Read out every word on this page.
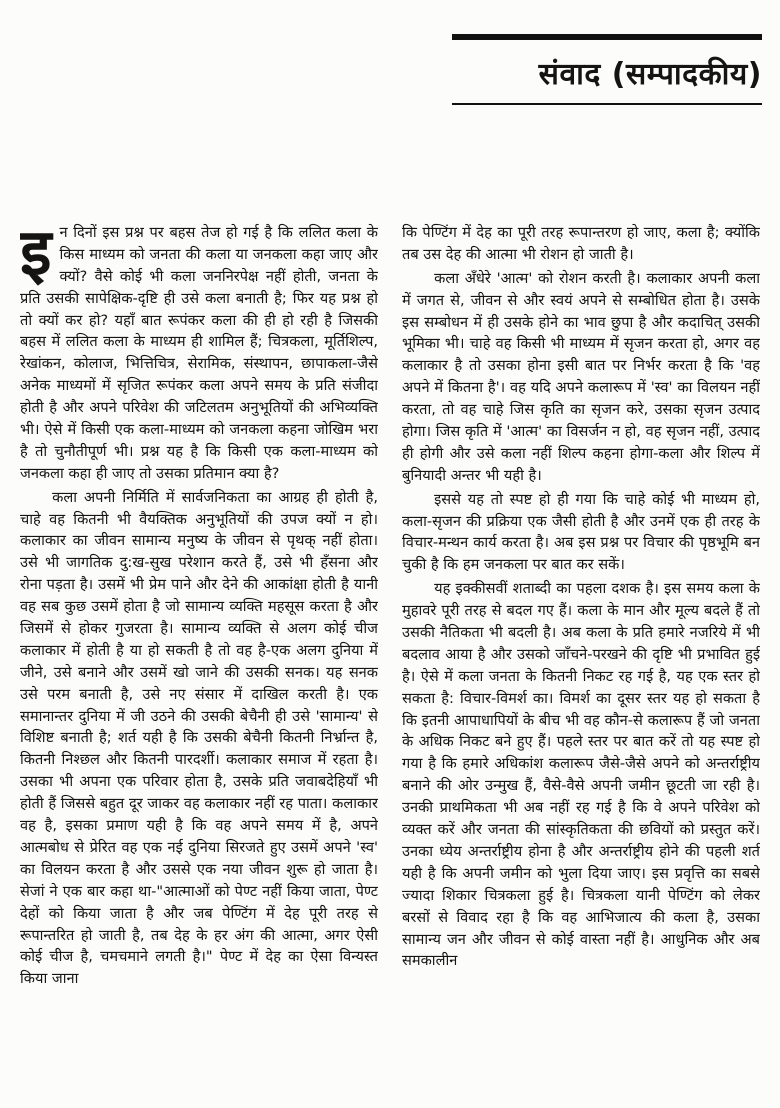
संवाद (सम्पादकीय)

इन दिनों इस प्रश्न पर बहस तेज हो गई है कि ललित कला के किस माध्यम को जनता की कला या जनकला कहा जाए और क्यों? वैसे कोई भी कला जननिरपेक्ष नहीं होती, जनता के प्रति उसकी सापेक्षिक-दृष्टि ही उसे कला बनाती है; फिर यह प्रश्न हो तो क्यों कर हो? यहाँ बात रूपंकर कला की ही हो रही है जिसकी बहस में ललित कला के माध्यम ही शामिल हैं; चित्रकला, मूर्तिशिल्प, रेखांकन, कोलाज, भित्तिचित्र, सेरामिक, संस्थापन, छापाकला-जैसे अनेक माध्यमों में सृजित रूपंकर कला अपने समय के प्रति संजीदा होती है और अपने परिवेश की जटिलतम अनुभूतियों की अभिव्यक्ति भी। ऐसे में किसी एक कला-माध्यम को जनकला कहना जोखिम भरा है तो चुनौतीपूर्ण भी। प्रश्न यह है कि किसी एक कला-माध्यम को जनकला कहा ही जाए तो उसका प्रतिमान क्या है?

कला अपनी निर्मिति में सार्वजनिकता का आग्रह ही होती है, चाहे वह कितनी भी वैयक्तिक अनुभूतियों की उपज क्यों न हो। कलाकार का जीवन सामान्य मनुष्य के जीवन से पृथक् नहीं होता। उसे भी जागतिक दु:ख-सुख परेशान करते हैं, उसे भी हँसना और रोना पड़ता है। उसमें भी प्रेम पाने और देने की आकांक्षा होती है यानी वह सब कुछ उसमें होता है जो सामान्य व्यक्ति महसूस करता है और जिसमें से होकर गुजरता है। सामान्य व्यक्ति से अलग कोई चीज कलाकार में होती है या हो सकती है तो वह है-एक अलग दुनिया में जीने, उसे बनाने और उसमें खो जाने की उसकी सनक। यह सनक उसे परम बनाती है, उसे नए संसार में दाखिल करती है। एक समानान्तर दुनिया में जी उठने की उसकी बेचैनी ही उसे 'सामान्य' से विशिष्ट बनाती है; शर्त यही है कि उसकी बेचैनी कितनी निर्भ्रान्त है, कितनी निश्छल और कितनी पारदर्शी। कलाकार समाज में रहता है। उसका भी अपना एक परिवार होता है, उसके प्रति जवाबदेहियाँ भी होती हैं जिससे बहुत दूर जाकर वह कलाकार नहीं रह पाता। कलाकार वह है, इसका प्रमाण यही है कि वह अपने समय में है, अपने आत्मबोध से प्रेरित वह एक नई दुनिया सिरजते हुए उसमें अपने 'स्व' का विलयन करता है और उससे एक नया जीवन शुरू हो जाता है। सेजां ने एक बार कहा था-"आत्माओं को पेण्ट नहीं किया जाता, पेण्ट देहों को किया जाता है और जब पेण्टिंग में देह पूरी तरह से रूपान्तरित हो जाती है, तब देह के हर अंग की आत्मा, अगर ऐसी कोई चीज है, चमचमाने लगती है।" पेण्ट में देह का ऐसा विन्यस्त किया जाना

कि पेण्टिंग में देह का पूरी तरह रूपान्तरण हो जाए, कला है; क्योंकि तब उस देह की आत्मा भी रोशन हो जाती है।

कला अँधेरे 'आत्म' को रोशन करती है। कलाकार अपनी कला में जगत से, जीवन से और स्वयं अपने से सम्बोधित होता है। उसके इस सम्बोधन में ही उसके होने का भाव छुपा है और कदाचित् उसकी भूमिका भी। चाहे वह किसी भी माध्यम में सृजन करता हो, अगर वह कलाकार है तो उसका होना इसी बात पर निर्भर करता है कि 'वह अपने में कितना है'। वह यदि अपने कलारूप में 'स्व' का विलयन नहीं करता, तो वह चाहे जिस कृति का सृजन करे, उसका सृजन उत्पाद होगा। जिस कृति में 'आत्म' का विसर्जन न हो, वह सृजन नहीं, उत्पाद ही होगी और उसे कला नहीं शिल्प कहना होगा-कला और शिल्प में बुनियादी अन्तर भी यही है।

इससे यह तो स्पष्ट हो ही गया कि चाहे कोई भी माध्यम हो, कला-सृजन की प्रक्रिया एक जैसी होती है और उनमें एक ही तरह के विचार-मन्थन कार्य करता है। अब इस प्रश्न पर विचार की पृष्ठभूमि बन चुकी है कि हम जनकला पर बात कर सकें।

यह इक्कीसवीं शताब्दी का पहला दशक है। इस समय कला के मुहावरे पूरी तरह से बदल गए हैं। कला के मान और मूल्य बदले हैं तो उसकी नैतिकता भी बदली है। अब कला के प्रति हमारे नजरिये में भी बदलाव आया है और उसको जाँचने-परखने की दृष्टि भी प्रभावित हुई है। ऐसे में कला जनता के कितनी निकट रह गई है, यह एक स्तर हो सकता है: विचार-विमर्श का। विमर्श का दूसर स्तर यह हो सकता है कि इतनी आपाधापियों के बीच भी वह कौन-से कलारूप हैं जो जनता के अधिक निकट बने हुए हैं। पहले स्तर पर बात करें तो यह स्पष्ट हो गया है कि हमारे अधिकांश कलारूप जैसे-जैसे अपने को अन्तर्राष्ट्रीय बनाने की ओर उन्मुख हैं, वैसे-वैसे अपनी जमीन छूटती जा रही है। उनकी प्राथमिकता भी अब नहीं रह गई है कि वे अपने परिवेश को व्यक्त करें और जनता की सांस्कृतिकता की छवियों को प्रस्तुत करें। उनका ध्येय अन्तर्राष्ट्रीय होना है और अन्तर्राष्ट्रीय होने की पहली शर्त यही है कि अपनी जमीन को भुला दिया जाए। इस प्रवृत्ति का सबसे ज्यादा शिकार चित्रकला हुई है। चित्रकला यानी पेण्टिंग को लेकर बरसों से विवाद रहा है कि वह आभिजात्य की कला है, उसका सामान्य जन और जीवन से कोई वास्ता नहीं है। आधुनिक और अब समकालीन
